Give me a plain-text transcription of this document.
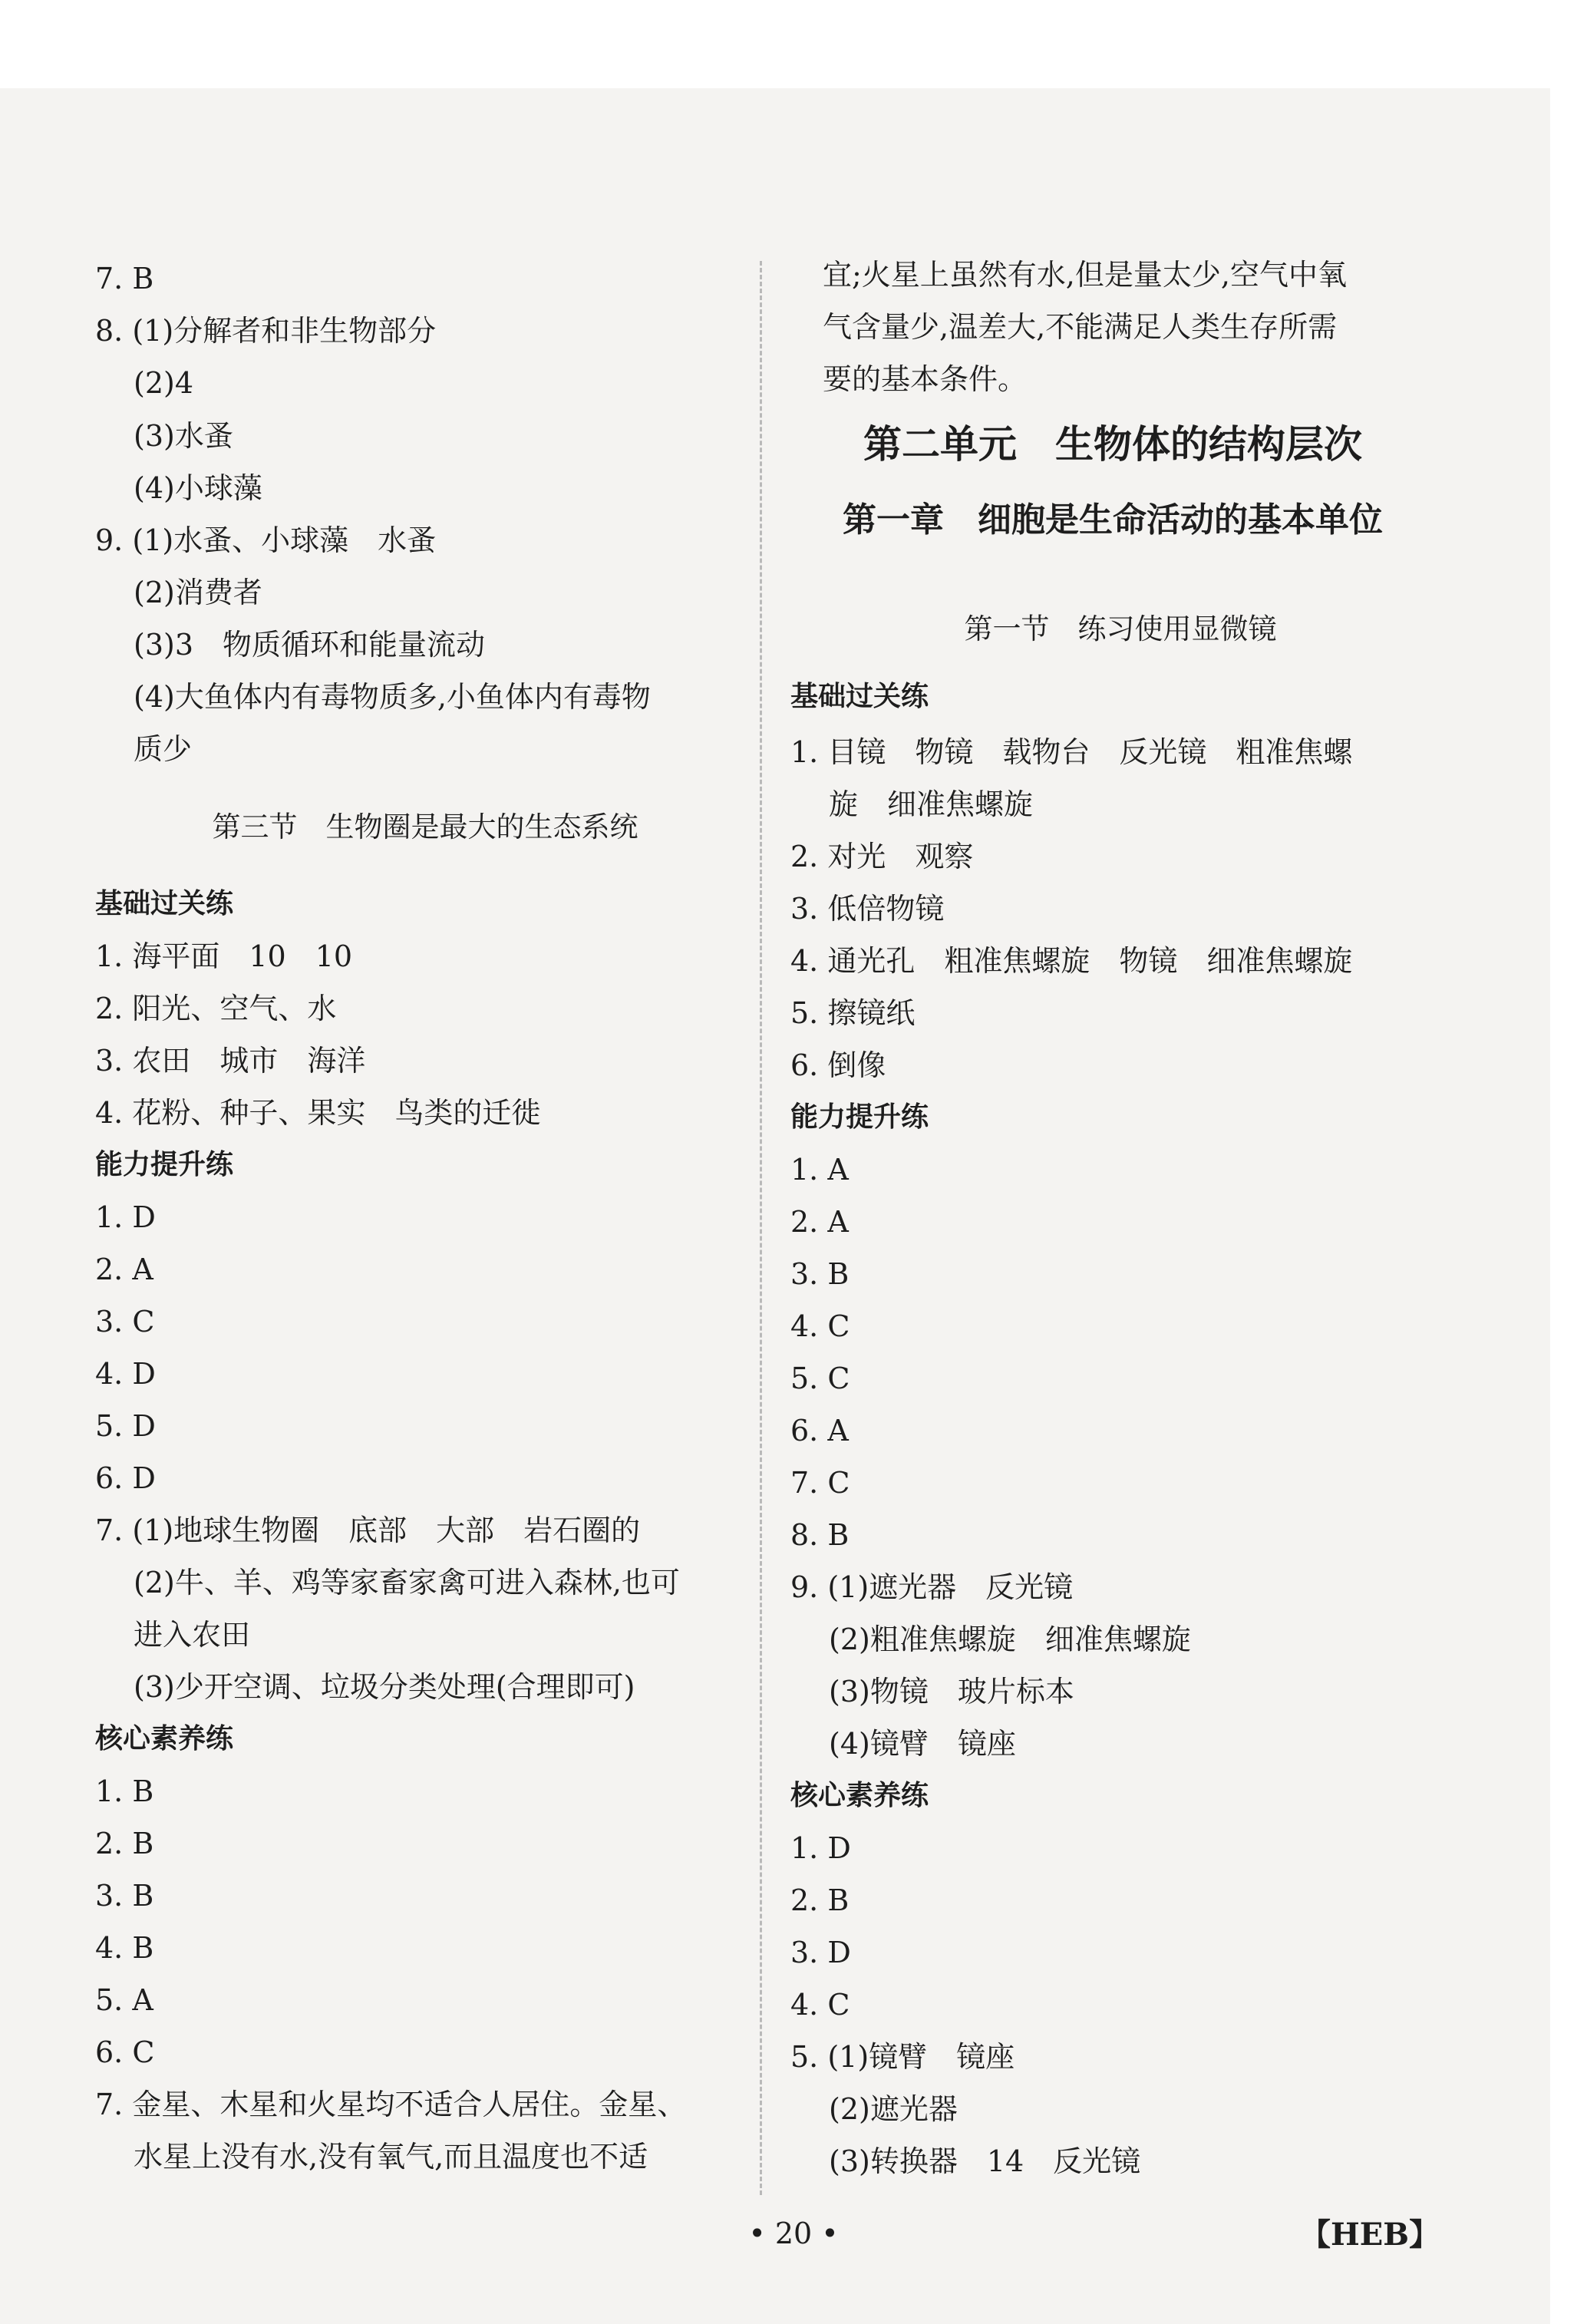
7. B
8. (1)分解者和非生物部分
(2)4
(3)水蚤
(4)小球藻
9. (1)水蚤、小球藻　水蚤
(2)消费者
(3)3　物质循环和能量流动
(4)大鱼体内有毒物质多,小鱼体内有毒物
质少
第三节　生物圈是最大的生态系统
基础过关练
1. 海平面　10　10
2. 阳光、空气、水
3. 农田　城市　海洋
4. 花粉、种子、果实　鸟类的迁徙
能力提升练
1. D
2. A
3. C
4. D
5. D
6. D
7. (1)地球生物圈　底部　大部　岩石圈的
(2)牛、羊、鸡等家畜家禽可进入森林,也可
进入农田
(3)少开空调、垃圾分类处理(合理即可)
核心素养练
1. B
2. B
3. B
4. B
5. A
6. C
7. 金星、木星和火星均不适合人居住。金星、
水星上没有水,没有氧气,而且温度也不适
宜;火星上虽然有水,但是量太少,空气中氧
气含量少,温差大,不能满足人类生存所需
要的基本条件。
第二单元　生物体的结构层次
第一章　细胞是生命活动的基本单位
第一节　练习使用显微镜
基础过关练
1. 目镜　物镜　载物台　反光镜　粗准焦螺
旋　细准焦螺旋
2. 对光　观察
3. 低倍物镜
4. 通光孔　粗准焦螺旋　物镜　细准焦螺旋
5. 擦镜纸
6. 倒像
能力提升练
1. A
2. A
3. B
4. C
5. C
6. A
7. C
8. B
9. (1)遮光器　反光镜
(2)粗准焦螺旋　细准焦螺旋
(3)物镜　玻片标本
(4)镜臂　镜座
核心素养练
1. D
2. B
3. D
4. C
5. (1)镜臂　镜座
(2)遮光器
(3)转换器　14　反光镜
• 20 •	【HEB】
